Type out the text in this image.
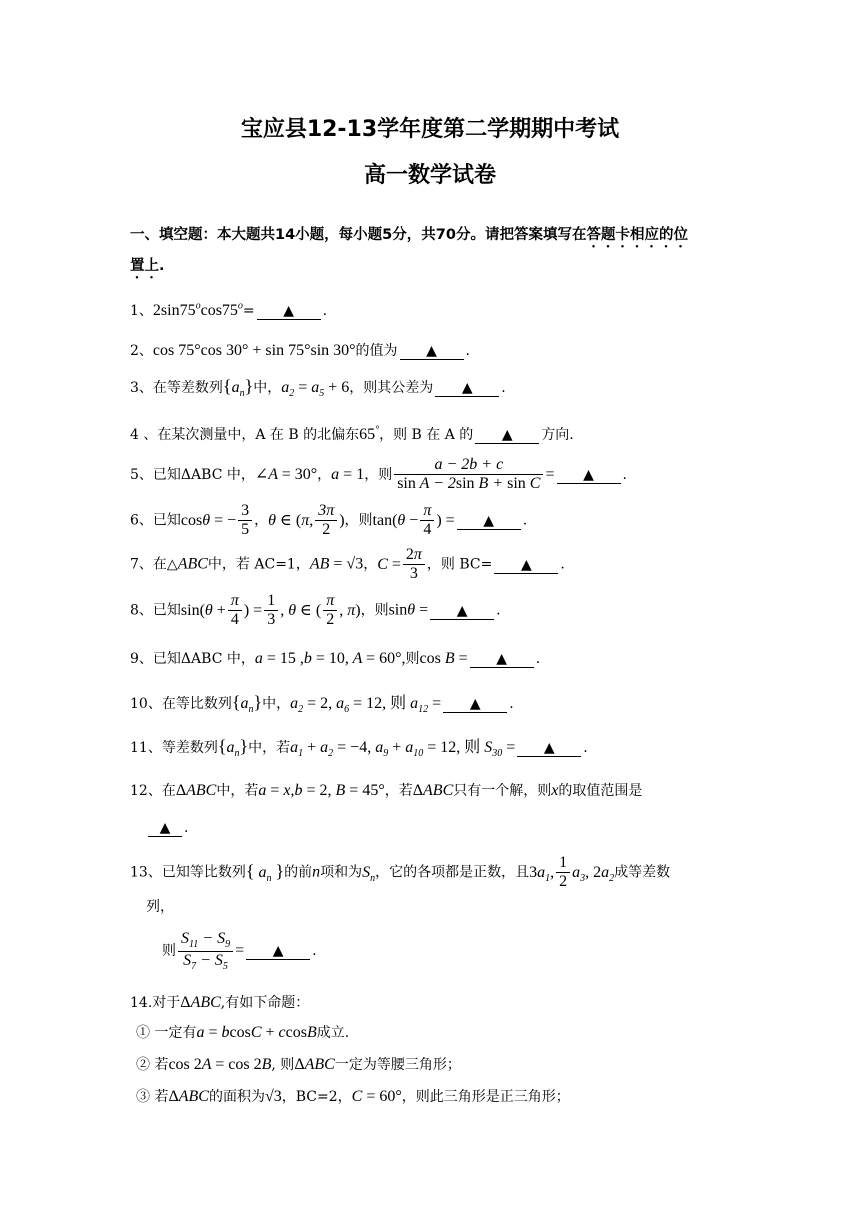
宝应县12-13学年度第二学期期中考试
高一数学试卷
一、填空题：本大题共14小题，每小题5分，共70分。请把答案填写在答题卡相应的位
置上.
1、$2\sin 75^o\cos 75^o=$ ▲ .
2、cos 75°cos 30° + sin 75°sin 30°的值为 ▲ .
3、在等差数列$\{a_n\}$中，$a_2 = a_5 + 6$，则其公差为 ▲ .
4 、在某次测量中，A 在 B 的北偏东65°，则 B 在 A 的 ▲ 方向.
5、已知ΔABC 中，∠A = 30°，a = 1，则 $\frac{a - 2b + c}{\text{sin A − 2sin B + sin C}}$ = ▲ .
6、已知cosθ = − $\frac{3}{5}$ ，θ ∈ (π, $\frac{3\pi}{2}$ )，则$\tan(\theta - \frac{\pi}{4}$ ) = ▲ .
7、在△ABC中，若 AC=1，AB = √3，$C = \frac{2\pi}{3}$ ，则 BC= ▲ .
8、已知$\sin(\theta + \frac{\pi}{4}$ ) = $\frac{1}{3}$ , θ ∈ ( $\frac{\pi}{2}$ , π)，则sinθ = ▲ .
9、已知ΔABC 中，a = 15 ,b = 10, A = 60°,则cos B = ▲ .
10、在等比数列$\{a_n\}$中，$a_2 = 2$, $a_6 = 12$, 则 $a_{12}$ = ▲ .
11、等差数列$\{a_n\}$中，若$a_1 + a_2 = -4$, $a_9 + a_{10} = 12$, 则 $S_{30}$ = ▲ .
12、在ΔABC中，若a = x,b = 2, B = 45°，若ΔABC只有一个解，则x的取值范围是
▲ .
13、已知等比数列{ $a_n$ }的前n项和为$S_n$，它的各项都是正数，且$3a_1$, $\frac{1}{2} a_3$, $2a_2$成等差数
列，
则 $\frac{S_{11} - S_9}{S_7 - S_5}$ = ▲ .
14.对于ΔABC,有如下命题：
① 一定有a = bcosC + ccosB成立.
② 若cos 2A = cos 2B, 则ΔABC一定为等腰三角形；
③ 若ΔABC的面积为√3，BC=2，C = 60°，则此三角形是正三角形；
